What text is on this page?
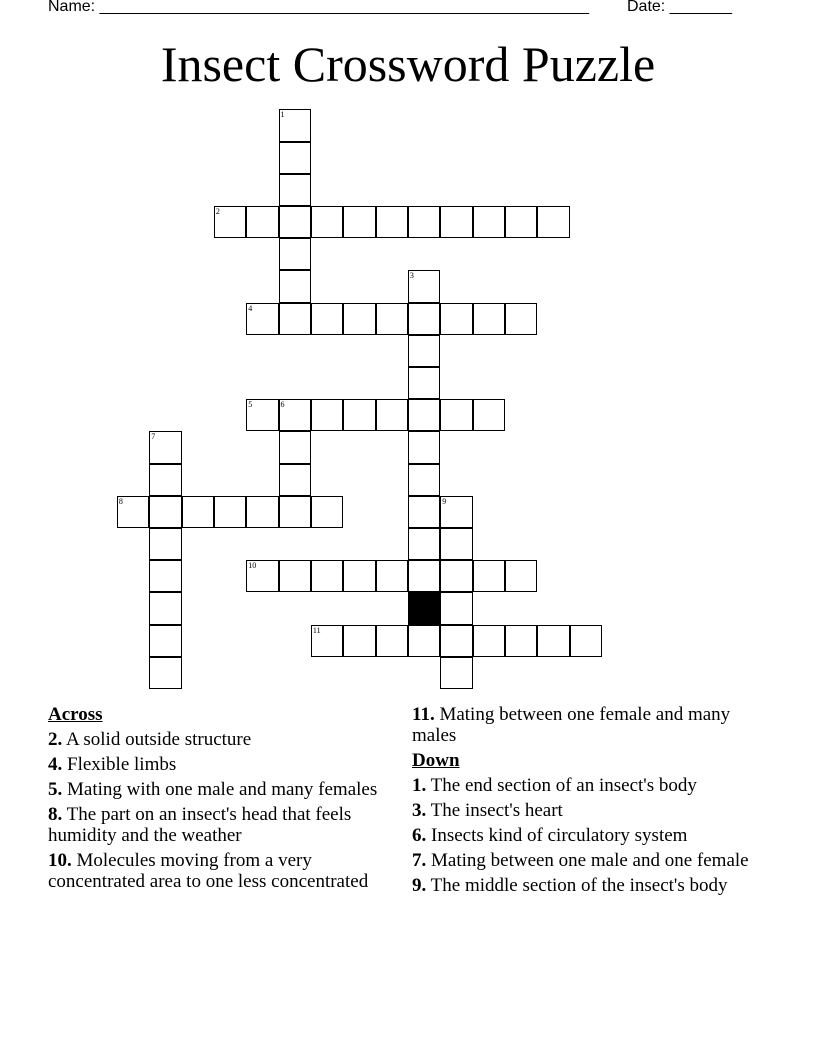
Name: _______________________________________________________ Date: _______
Insect Crossword Puzzle
1
2
3
4
5	6
7
8	9
10
11
Across
2. A solid outside structure
4. Flexible limbs
5. Mating with one male and many females
8. The part on an insect's head that feels humidity and the weather
10. Molecules moving from a very concentrated area to one less concentrated
11. Mating between one female and many males
Down
1. The end section of an insect's body
3. The insect's heart
6. Insects kind of circulatory system
7. Mating between one male and one female
9. The middle section of the insect's body
